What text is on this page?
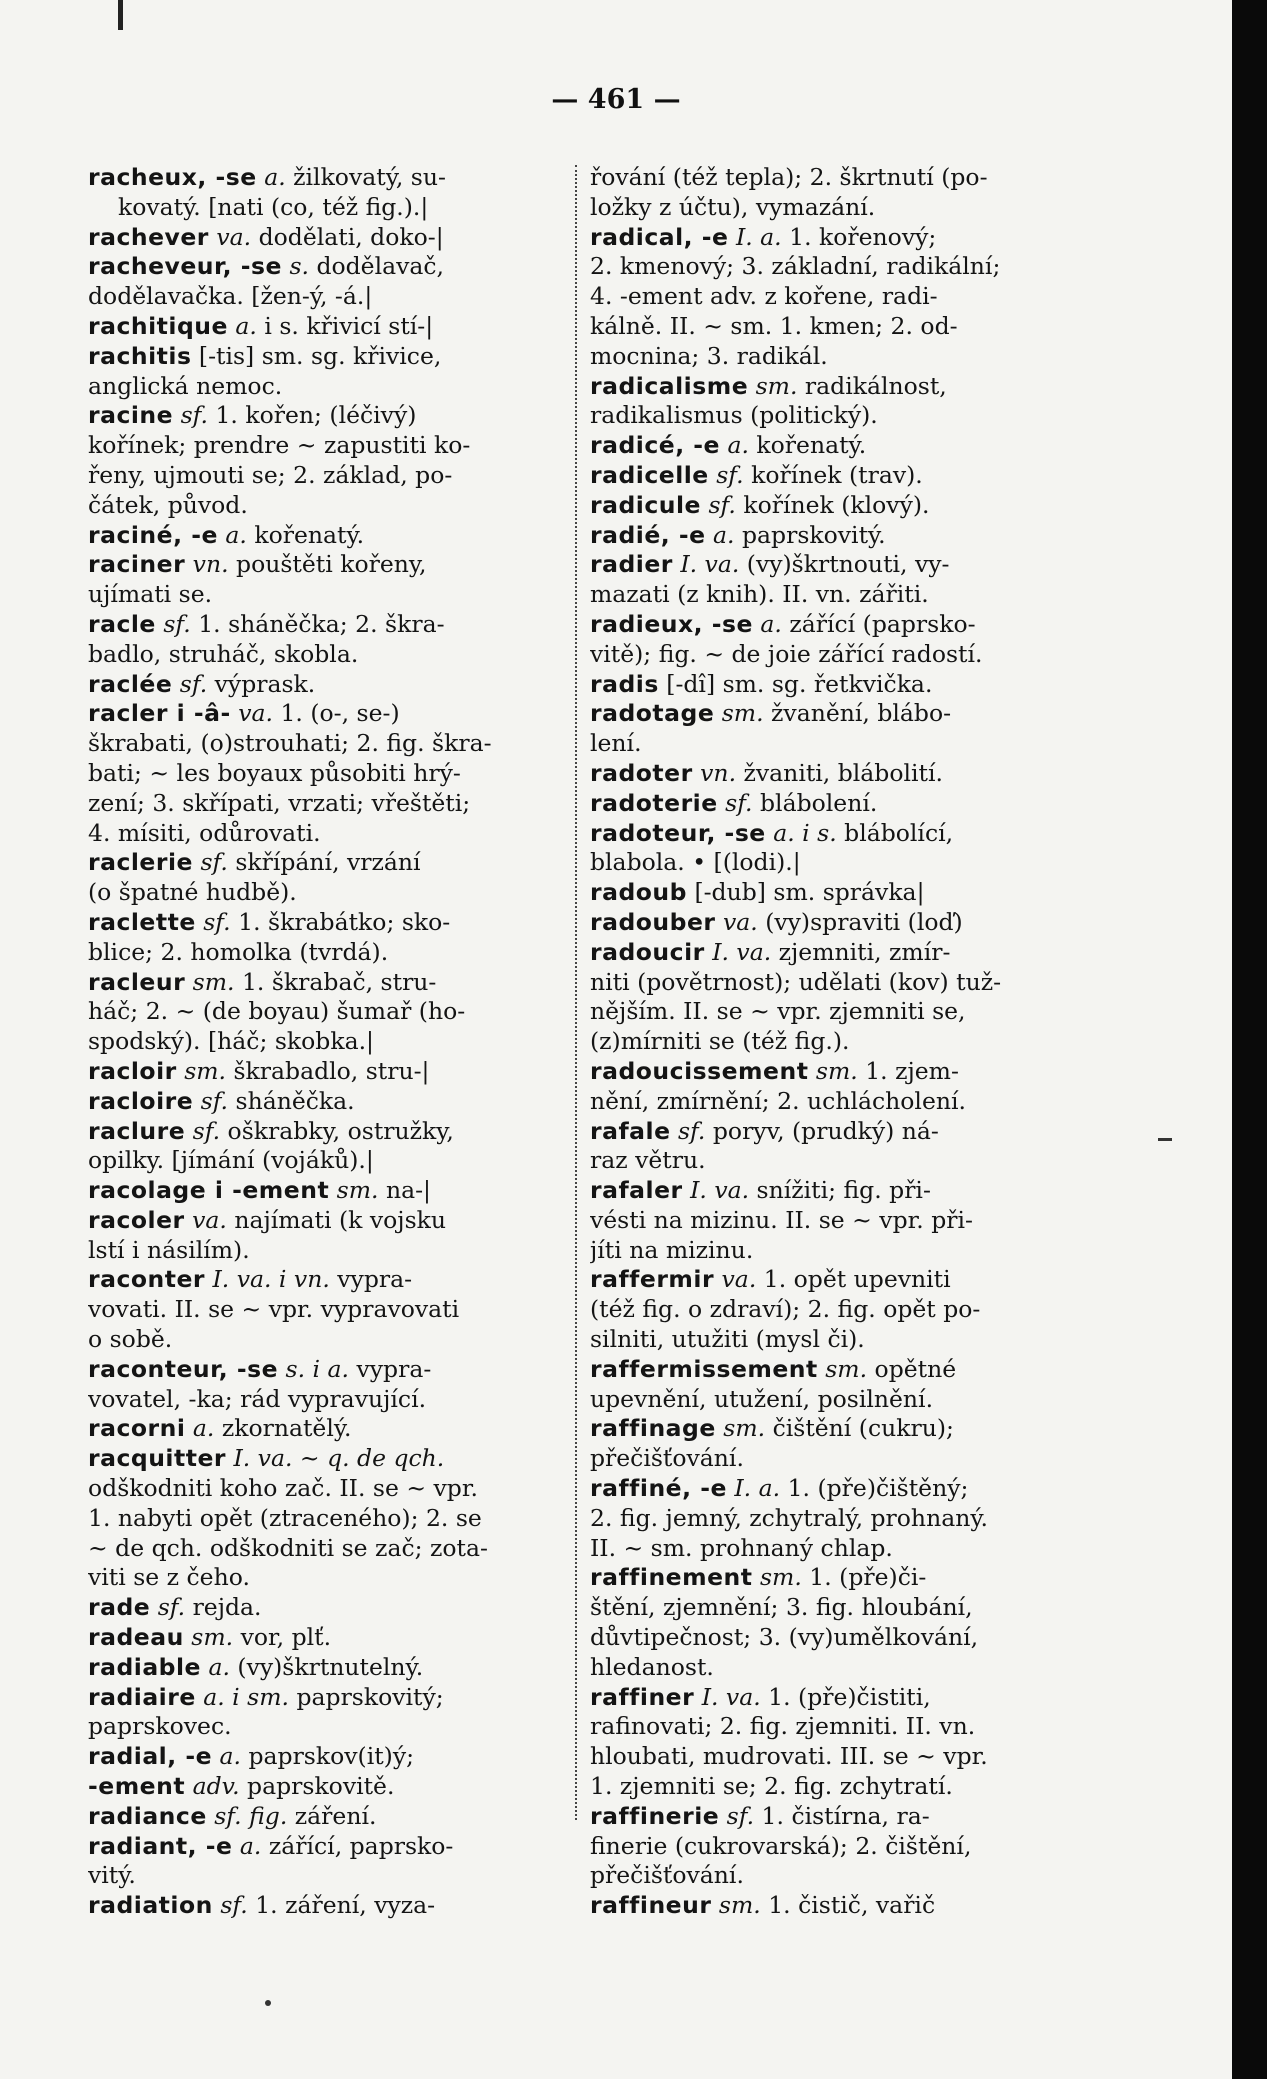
— 461 —
racheux, -se a. žilkovatý, su-
kovatý. [nati (co, též fig.).|
rachever va. dodělati, doko-|
racheveur, -se s. dodělavač,
dodělavačka. [žen-ý, -á.|
rachitique a. i s. křivicí stí-|
rachitis [-tis] sm. sg. křivice,
anglická nemoc.
racine sf. 1. kořen; (léčivý)
kořínek; prendre ~ zapustiti ko-
řeny, ujmouti se; 2. základ, po-
čátek, původ.
raciné, -e a. kořenatý.
raciner vn. pouštěti kořeny,
ujímati se.
racle sf. 1. sháněčka; 2. škra-
badlo, struháč, skobla.
raclée sf. výprask.
racler i -â- va. 1. (o-, se-)
škrabati, (o)strouhati; 2. fig. škra-
bati; ~ les boyaux působiti hrý-
zení; 3. skřípati, vrzati; vřeštěti;
4. mísiti, odůrovati.
raclerie sf. skřípání, vrzání
(o špatné hudbě).
raclette sf. 1. škrabátko; sko-
blice; 2. homolka (tvrdá).
racleur sm. 1. škrabač, stru-
háč; 2. ~ (de boyau) šumař (ho-
spodský). [háč; skobka.|
racloir sm. škrabadlo, stru-|
racloire sf. sháněčka.
raclure sf. oškrabky, ostružky,
opilky. [jímání (vojáků).|
racolage i -ement sm. na-|
racoler va. najímati (k vojsku
lstí i násilím).
raconter I. va. i vn. vypra-
vovati. II. se ~ vpr. vypravovati
o sobě.
raconteur, -se s. i a. vypra-
vovatel, -ka; rád vypravující.
racorni a. zkornatělý.
racquitter I. va. ~ q. de qch.
odškodniti koho zač. II. se ~ vpr.
1. nabyti opět (ztraceného); 2. se
~ de qch. odškodniti se zač; zota-
viti se z čeho.
rade sf. rejda.
radeau sm. vor, plť.
radiable a. (vy)škrtnutelný.
radiaire a. i sm. paprskovitý;
paprskovec.
radial, -e a. paprskov(it)ý;
-ement adv. paprskovitě.
radiance sf. fig. záření.
radiant, -e a. zářící, paprsko-
vitý.
radiation sf. 1. záření, vyza-
řování (též tepla); 2. škrtnutí (po-
ložky z účtu), vymazání.
radical, -e I. a. 1. kořenový;
2. kmenový; 3. základní, radikální;
4. -ement adv. z kořene, radi-
kálně. II. ~ sm. 1. kmen; 2. od-
mocnina; 3. radikál.
radicalisme sm. radikálnost,
radikalismus (politický).
radicé, -e a. kořenatý.
radicelle sf. kořínek (trav).
radicule sf. kořínek (klový).
radié, -e a. paprskovitý.
radier I. va. (vy)škrtnouti, vy-
mazati (z knih). II. vn. zářiti.
radieux, -se a. zářící (paprsko-
vitě); fig. ~ de joie zářící radostí.
radis [-dî] sm. sg. řetkvička.
radotage sm. žvanění, blábo-
lení.
radoter vn. žvaniti, blábolití.
radoterie sf. blábolení.
radoteur, -se a. i s. blábolící,
blabola. • [(lodi).|
radoub [-dub] sm. správka|
radouber va. (vy)spraviti (loď)
radoucir I. va. zjemniti, zmír-
niti (povětrnost); udělati (kov) tuž-
nějším. II. se ~ vpr. zjemniti se,
(z)mírniti se (též fig.).
radoucissement sm. 1. zjem-
nění, zmírnění; 2. uchlácholení.
rafale sf. poryv, (prudký) ná-
raz větru.
rafaler I. va. snížiti; fig. při-
vésti na mizinu. II. se ~ vpr. při-
jíti na mizinu.
raffermir va. 1. opět upevniti
(též fig. o zdraví); 2. fig. opět po-
silniti, utužiti (mysl či).
raffermissement sm. opětné
upevnění, utužení, posilnění.
raffinage sm. čištění (cukru);
přečišťování.
raffiné, -e I. a. 1. (pře)čištěný;
2. fig. jemný, zchytralý, prohnaný.
II. ~ sm. prohnaný chlap.
raffinement sm. 1. (pře)či-
štění, zjemnění; 3. fig. hloubání,
důvtipečnost; 3. (vy)umělkování,
hledanost.
raffiner I. va. 1. (pře)čistiti,
rafinovati; 2. fig. zjemniti. II. vn.
hloubati, mudrovati. III. se ~ vpr.
1. zjemniti se; 2. fig. zchytratí.
raffinerie sf. 1. čistírna, ra-
finerie (cukrovarská); 2. čištění,
přečišťování.
raffineur sm. 1. čistič, vařič
